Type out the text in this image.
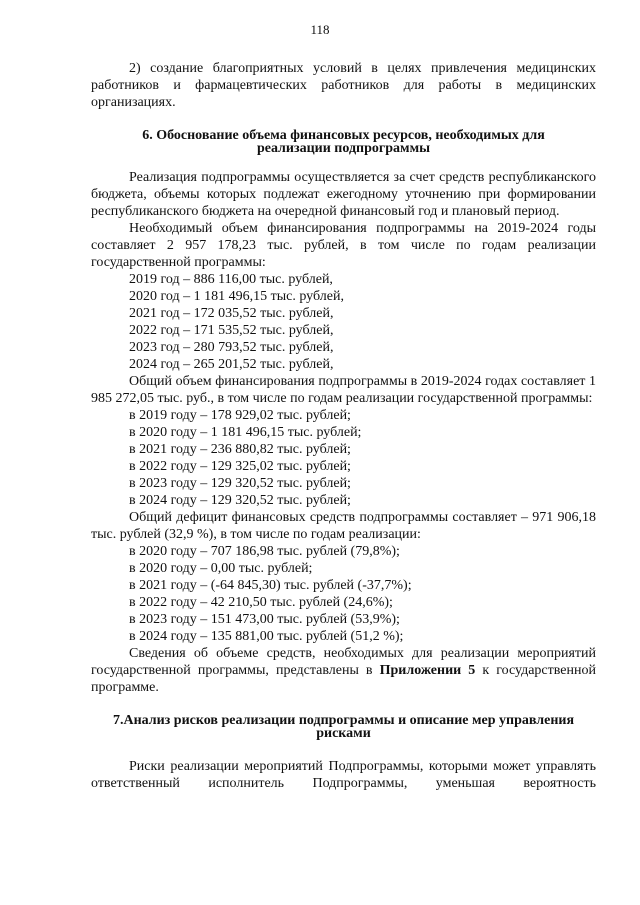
118

2) создание благоприятных условий в целях привлечения медицинских работников и фармацевтических работников для работы в медицинских организациях.

6. Обоснование объема финансовых ресурсов, необходимых для

реализации подпрограммы

Реализация подпрограммы осуществляется за счет средств республиканского бюджета, объемы которых подлежат ежегодному уточнению при формировании республиканского бюджета на очередной финансовый год и плановый период.

Необходимый объем финансирования подпрограммы на 2019-2024 годы составляет 2 957 178,23 тыс. рублей, в том числе по годам реализации государственной программы:

2019 год – 886 116,00 тыс. рублей,

2020 год – 1 181 496,15 тыс. рублей,

2021 год – 172 035,52 тыс. рублей,

2022 год – 171 535,52 тыс. рублей,

2023 год – 280 793,52 тыс. рублей,

2024 год – 265 201,52 тыс. рублей,

Общий объем финансирования подпрограммы в 2019-2024 годах составляет 1 985 272,05 тыс. руб., в том числе по годам реализации государственной программы:

в 2019 году – 178 929,02 тыс. рублей;

в 2020 году – 1 181 496,15 тыс. рублей;

в 2021 году – 236 880,82 тыс. рублей;

в 2022 году – 129 325,02 тыс. рублей;

в 2023 году – 129 320,52 тыс. рублей;

в 2024 году – 129 320,52 тыс. рублей;

Общий дефицит финансовых средств подпрограммы составляет – 971 906,18 тыс. рублей (32,9 %), в том числе по годам реализации:

в 2020 году – 707 186,98 тыс. рублей (79,8%);

в 2020 году – 0,00 тыс. рублей;

в 2021 году – (-64 845,30) тыс. рублей (-37,7%);

в 2022 году – 42 210,50 тыс. рублей (24,6%);

в 2023 году – 151 473,00 тыс. рублей (53,9%);

в 2024 году – 135 881,00 тыс. рублей (51,2 %);

Сведения об объеме средств, необходимых для реализации мероприятий государственной программы, представлены в Приложении 5 к государственной программе.

7.Анализ рисков реализации подпрограммы и описание мер управления

рисками

Риски реализации мероприятий Подпрограммы, которыми может управлять ответственный исполнитель Подпрограммы, уменьшая вероятность
